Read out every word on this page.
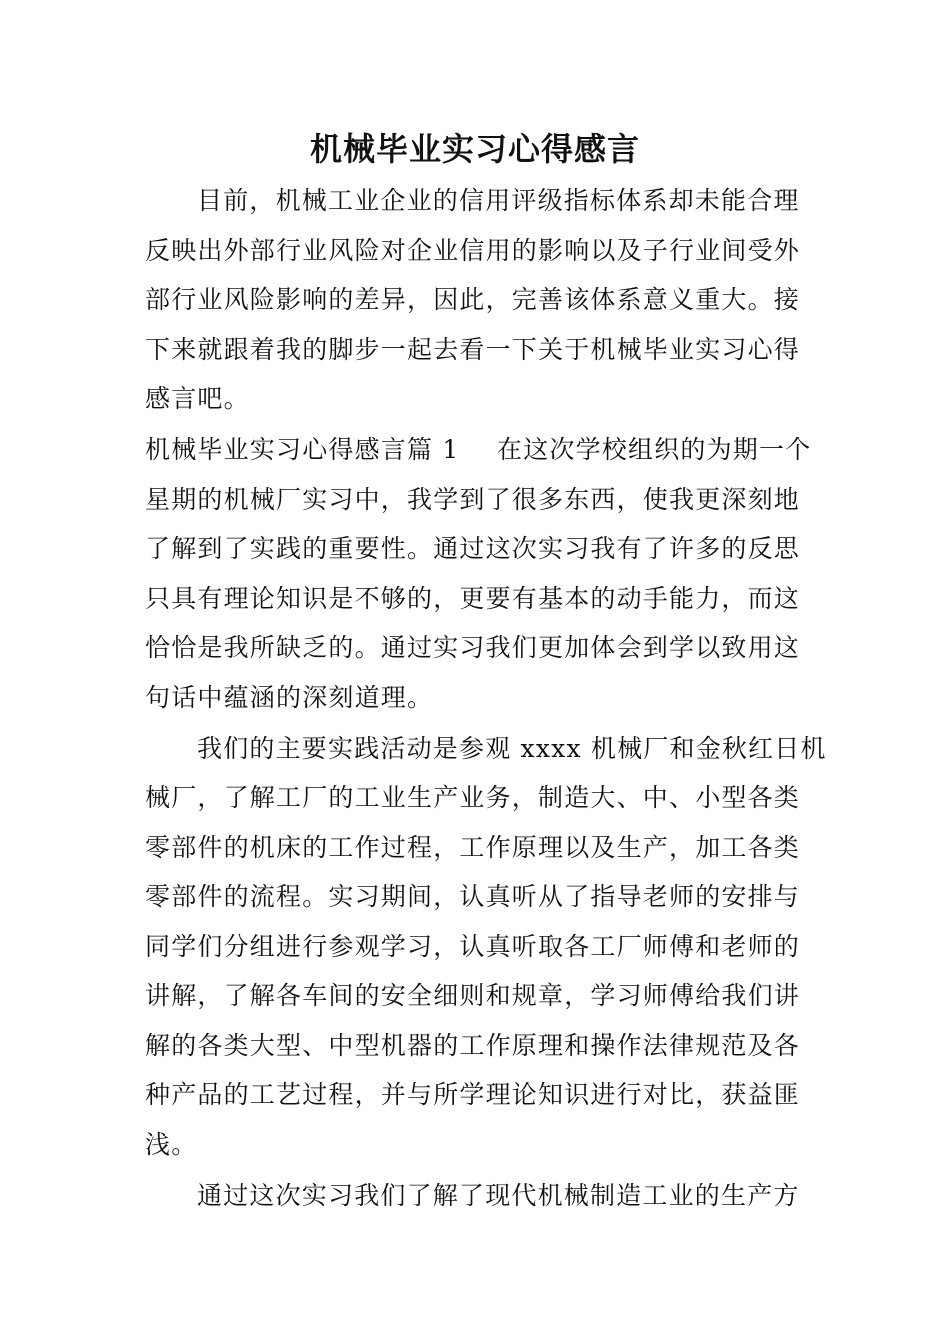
机械毕业实习心得感言
目前，机械工业企业的信用评级指标体系却未能合理
反映出外部行业风险对企业信用的影响以及子行业间受外
部行业风险影响的差异，因此，完善该体系意义重大。接
下来就跟着我的脚步一起去看一下关于机械毕业实习心得
感言吧。
机械毕业实习心得感言篇 1 在这次学校组织的为期一个
星期的机械厂实习中，我学到了很多东西，使我更深刻地
了解到了实践的重要性。通过这次实习我有了许多的反思
只具有理论知识是不够的，更要有基本的动手能力，而这
恰恰是我所缺乏的。通过实习我们更加体会到学以致用这
句话中蕴涵的深刻道理。
我们的主要实践活动是参观 xxxx 机械厂和金秋红日机
械厂，了解工厂的工业生产业务，制造大、中、小型各类
零部件的机床的工作过程，工作原理以及生产，加工各类
零部件的流程。实习期间，认真听从了指导老师的安排与
同学们分组进行参观学习，认真听取各工厂师傅和老师的
讲解，了解各车间的安全细则和规章，学习师傅给我们讲
解的各类大型、中型机器的工作原理和操作法律规范及各
种产品的工艺过程，并与所学理论知识进行对比，获益匪
浅。
通过这次实习我们了解了现代机械制造工业的生产方
